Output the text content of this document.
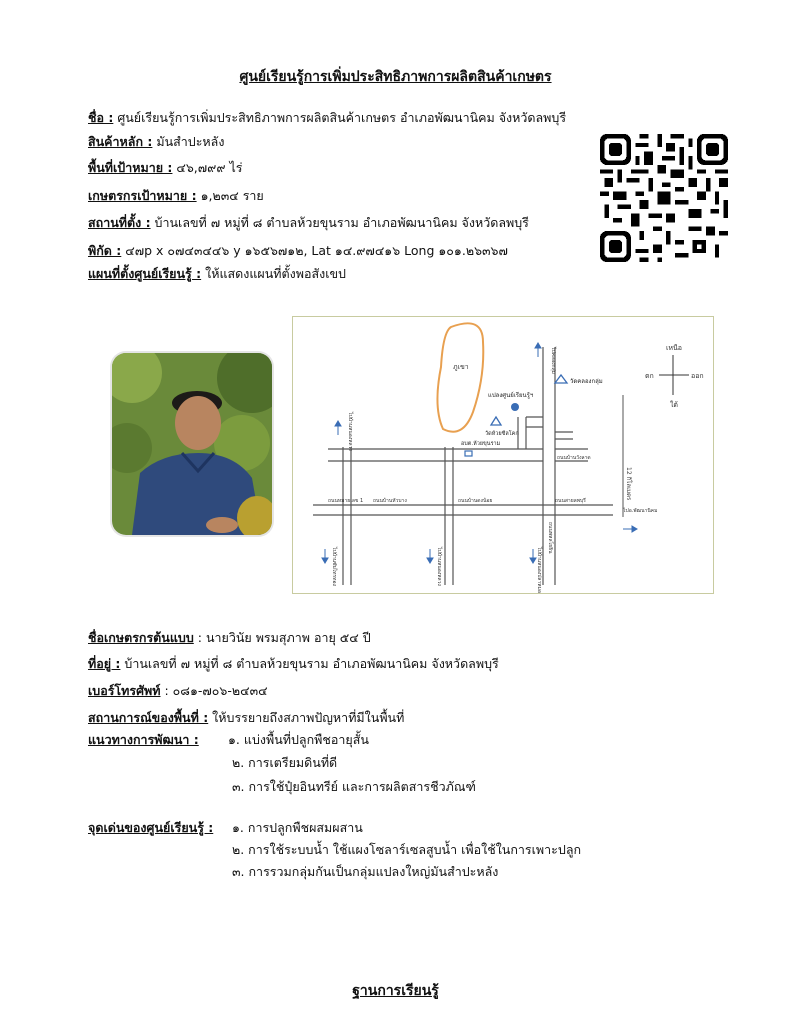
ศูนย์เรียนรู้การเพิ่มประสิทธิภาพการผลิตสินค้าเกษตร
ชื่อ : ศูนย์เรียนรู้การเพิ่มประสิทธิภาพการผลิตสินค้าเกษตร อำเภอพัฒนานิคม จังหวัดลพบุรี
สินค้าหลัก : มันสำปะหลัง
พื้นที่เป้าหมาย : ๔๖,๗๙๙ ไร่
เกษตรกรเป้าหมาย : ๑,๒๓๔ ราย
สถานที่ตั้ง : บ้านเลขที่ ๗ หมู่ที่ ๘ ตำบลห้วยขุนราม อำเภอพัฒนานิคม จังหวัดลพบุรี
พิกัด : ๔๗p x ๐๗๔๓๔๔๖ y ๑๖๕๖๗๑๒, Lat ๑๔.๙๗๔๑๖ Long ๑๐๑.๒๖๓๖๗
แผนที่ตั้งศูนย์เรียนรู้ : ให้แสดงแผนที่ตั้งพอสังเขป
ภูเขา
12 กิโลเมตร
เหนือ
ใต้
ออก
ตก
แปลงศูนย์เรียนรู้ฯ
วัดคลองกลุ่ม
วัดห้วยซีลโคก
อบต.ห้วยขุนราม
ถนนหมายเลข 1 ถนนบ้านหัวบาง	ถนนบ้านดงน้อย	ถนนสายลพบุรี
ถนนบ้านวังลาด
ไปอ.พัฒนานิคม
ถนนพหลโยธิน
ไปคลองกลุ่ม
ไปบ้านหนองหลวง
ไปบ้านซับไทรทอง	ไปบ้านหนองหลวง	ไปบ้านหนองปลาหมอ
ชื่อเกษตรกรต้นแบบ : นายวินัย พรมสุภาพ อายุ ๕๔ ปี
ที่อยู่ : บ้านเลขที่ ๗ หมู่ที่ ๘ ตำบลห้วยขุนราม อำเภอพัฒนานิคม จังหวัดลพบุรี
เบอร์โทรศัพท์ : ๐๘๑-๗๐๖-๒๔๓๔
สถานการณ์ของพื้นที่ : ให้บรรยายถึงสภาพปัญหาที่มีในพื้นที่
แนวทางการพัฒนา : ๑. แบ่งพื้นที่ปลูกพืชอายุสั้น
๒. การเตรียมดินที่ดี
๓. การใช้ปุ๋ยอินทรีย์ และการผลิตสารชีวภัณฑ์
จุดเด่นของศูนย์เรียนรู้ : ๑. การปลูกพืชผสมผสาน
๒. การใช้ระบบน้ำ ใช้แผงโซลาร์เซลสูบน้ำ เพื่อใช้ในการเพาะปลูก
๓. การรวมกลุ่มกันเป็นกลุ่มแปลงใหญ่มันสำปะหลัง
ฐานการเรียนรู้
